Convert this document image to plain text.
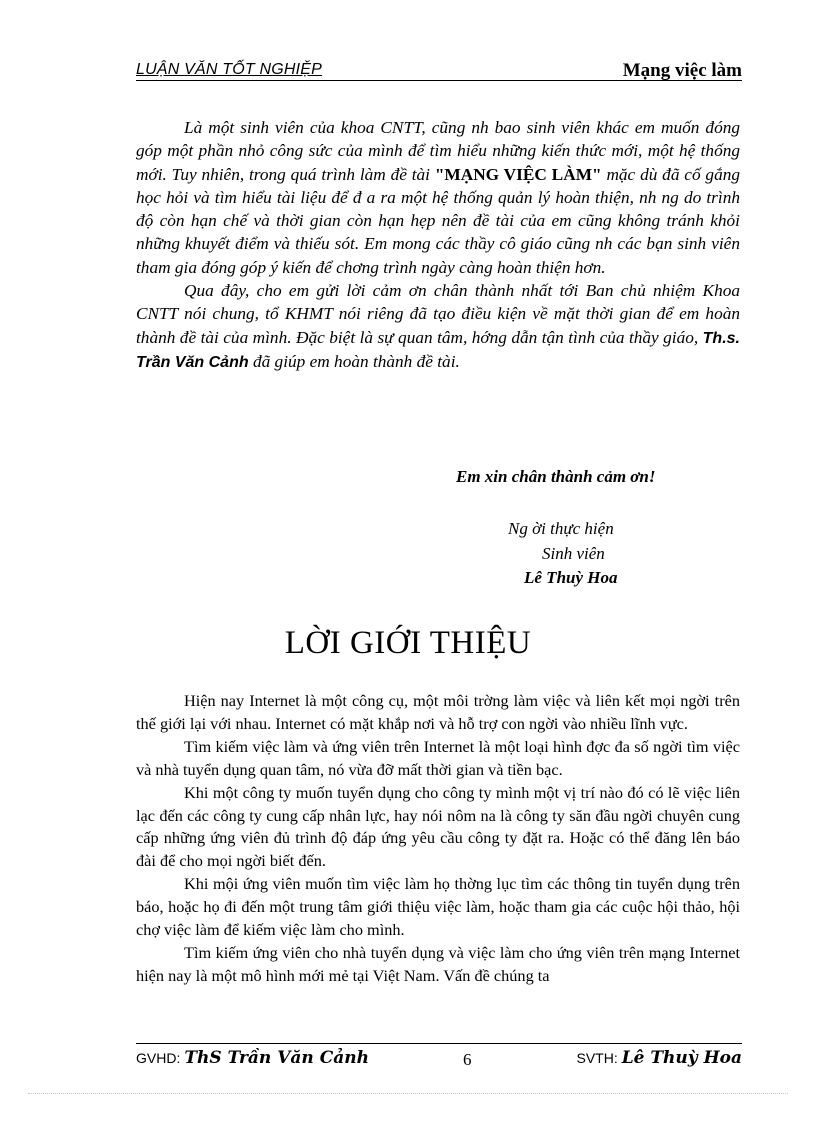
LUẬN VĂN TỐT NGHIỆP	Mạng việc làm

Là một sinh viên của khoa CNTT, cũng nh bao sinh viên khác em muốn đóng góp một phần nhỏ công sức của mình để tìm hiểu những kiến thức mới, một hệ thống mới. Tuy nhiên, trong quá trình làm đề tài "MẠNG VIỆC LÀM" mặc dù đã cố gắng học hỏi và tìm hiểu tài liệu để đ a ra một hệ thống quản lý hoàn thiện, nh ng do trình độ còn hạn chế và thời gian còn hạn hẹp nên đề tài của em cũng không tránh khỏi những khuyết điểm và thiếu sót. Em mong các thầy cô giáo cũng nh các bạn sinh viên tham gia đóng góp ý kiến để chơng trình ngày càng hoàn thiện hơn.

Qua đây, cho em gửi lời cảm ơn chân thành nhất tới Ban chủ nhiệm Khoa CNTT nói chung, tổ KHMT nói riêng đã tạo điều kiện về mặt thời gian để em hoàn thành đề tài của mình. Đặc biệt là sự quan tâm, hớng dẫn tận tình của thầy giáo, Th.s. Trần Văn Cảnh đã giúp em hoàn thành đề tài.

Em xin chân thành cảm ơn!
Ng ời thực hiện
Sinh viên
Lê Thuỳ Hoa
LỜI GIỚI THIỆU

Hiện nay Internet là một công cụ, một môi trờng làm việc và liên kết mọi ngời trên thế giới lại với nhau. Internet có mặt khắp nơi và hỗ trợ con ngời vào nhiều lĩnh vực.

Tìm kiếm việc làm và ứng viên trên Internet là một loại hình đợc đa số ngời tìm việc và nhà tuyển dụng quan tâm, nó vừa đỡ mất thời gian và tiền bạc.

Khi một công ty muốn tuyển dụng cho công ty mình một vị trí nào đó có lẽ việc liên lạc đến các công ty cung cấp nhân lực, hay nói nôm na là công ty săn đầu ngời chuyên cung cấp những ứng viên đủ trình độ đáp ứng yêu cầu công ty đặt ra. Hoặc có thể đăng lên báo đài để cho mọi ngời biết đến.

Khi mội ứng viên muốn tìm việc làm họ thờng lục tìm các thông tin tuyển dụng trên báo, hoặc họ đi đến một trung tâm giới thiệu việc làm, hoặc tham gia các cuộc hội thảo, hội chợ việc làm để kiếm việc làm cho mình.

Tìm kiếm ứng viên cho nhà tuyển dụng và việc làm cho ứng viên trên mạng Internet hiện nay là một mô hình mới mẻ tại Việt Nam. Vấn đề chúng ta

GVHD: ThS Trần Văn Cảnh	6	SVTH: Lê Thuỳ Hoa
